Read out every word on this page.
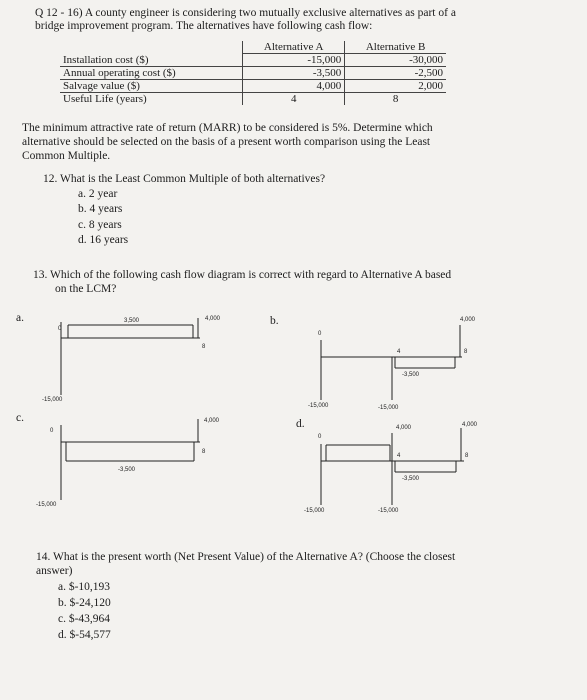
Q 12 - 16) A county engineer is considering two mutually exclusive alternatives as part of a
bridge improvement program. The alternatives have following cash flow:
	Alternative A	Alternative B
Installation cost ($)	-15,000	-30,000
Annual operating cost ($)	-3,500	-2,500
Salvage value ($)	4,000	2,000
Useful Life (years)	4	8
The minimum attractive rate of return (MARR) to be considered is 5%. Determine which
alternative should be selected on the basis of a present worth comparison using the Least
Common Multiple.
12. What is the Least Common Multiple of both alternatives?
a. 2 year
b. 4 years
c. 8 years
d. 16 years
13. Which of the following cash flow diagram is correct with regard to Alternative A based
on the LCM?
a.	b.
c.	d.
0
3,500	4,000
8
-15,000
0
4
-3,500
4,000
8
-15,000	-15,000
0
-3,500
4,000
8
-15,000
0
4
-3,500
4,000	4,000
8
-15,000	-15,000
14. What is the present worth (Net Present Value) of the Alternative A? (Choose the closest
answer)
a. $-10,193
b. $-24,120
c. $-43,964
d. $-54,577
